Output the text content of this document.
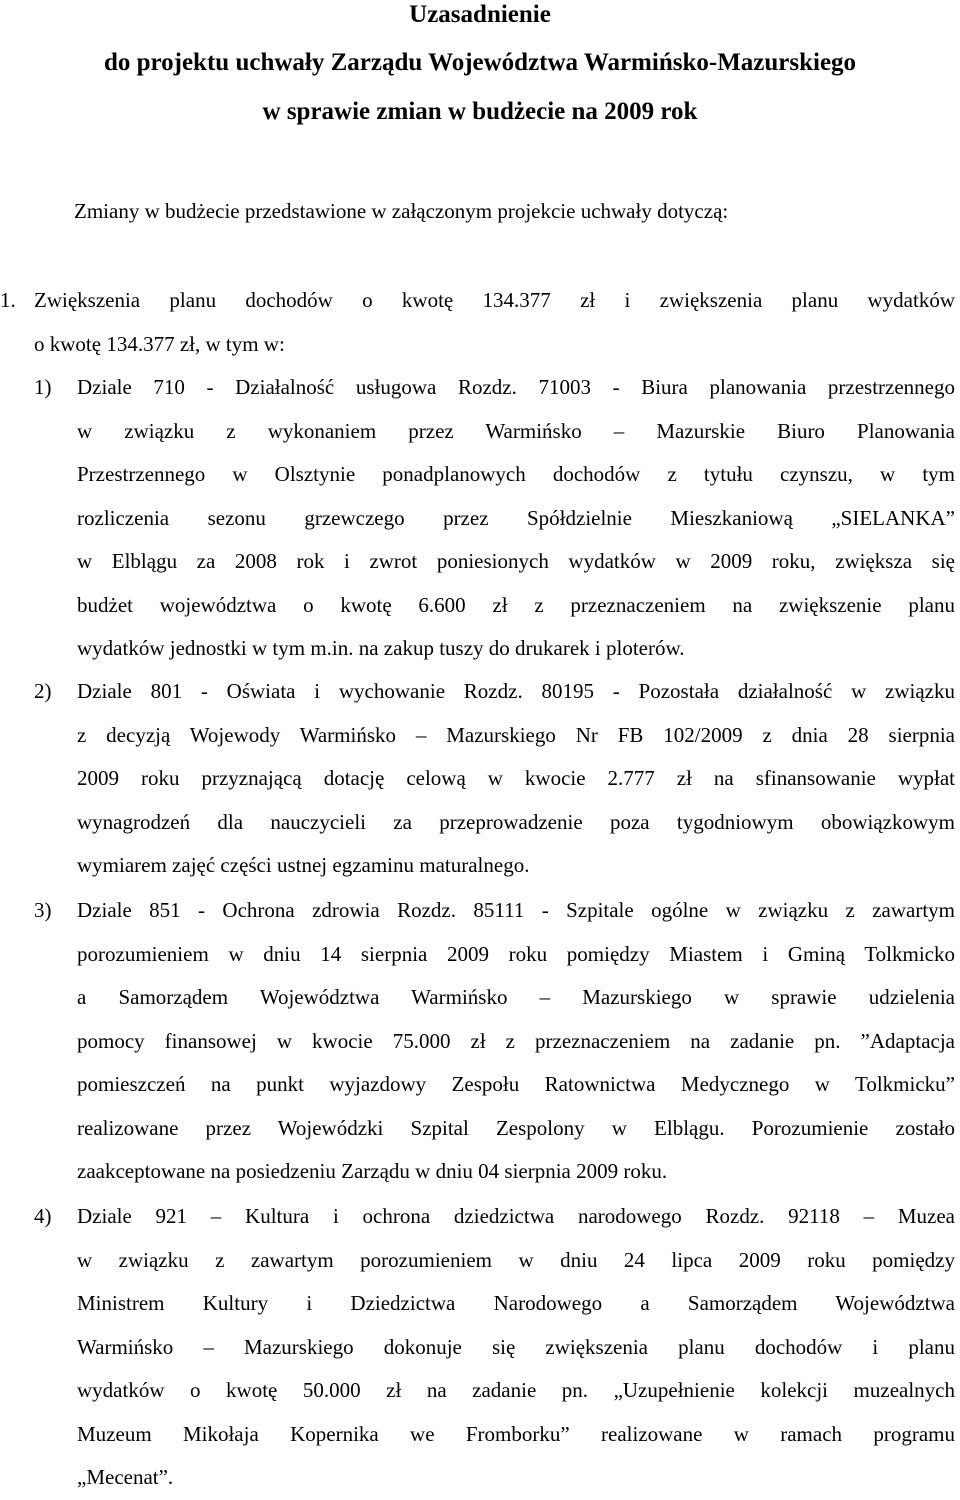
Uzasadnienie
do projektu uchwały Zarządu Województwa Warmińsko-Mazurskiego
w sprawie zmian w budżecie na 2009 rok
Zmiany w budżecie przedstawione w załączonym projekcie uchwały dotyczą:
1. Zwiększenia planu dochodów o kwotę 134.377 zł i zwiększenia planu wydatków
o kwotę 134.377 zł, w tym w:
1) Dziale 710 - Działalność usługowa Rozdz. 71003 - Biura planowania przestrzennego
w związku z wykonaniem przez Warmińsko – Mazurskie Biuro Planowania
Przestrzennego w Olsztynie ponadplanowych dochodów z tytułu czynszu, w tym
rozliczenia sezonu grzewczego przez Spółdzielnie Mieszkaniową „SIELANKA”
w Elblągu za 2008 rok i zwrot poniesionych wydatków w 2009 roku, zwiększa się
budżet województwa o kwotę 6.600 zł z przeznaczeniem na zwiększenie planu
wydatków jednostki w tym m.in. na zakup tuszy do drukarek i ploterów.
2) Dziale 801 - Oświata i wychowanie Rozdz. 80195 - Pozostała działalność w związku
z decyzją Wojewody Warmińsko – Mazurskiego Nr FB 102/2009 z dnia 28 sierpnia
2009 roku przyznającą dotację celową w kwocie 2.777 zł na sfinansowanie wypłat
wynagrodzeń dla nauczycieli za przeprowadzenie poza tygodniowym obowiązkowym
wymiarem zajęć części ustnej egzaminu maturalnego.
3) Dziale 851 - Ochrona zdrowia Rozdz. 85111 - Szpitale ogólne w związku z zawartym
porozumieniem w dniu 14 sierpnia 2009 roku pomiędzy Miastem i Gminą Tolkmicko
a Samorządem Województwa Warmińsko – Mazurskiego w sprawie udzielenia
pomocy finansowej w kwocie 75.000 zł z przeznaczeniem na zadanie pn. ”Adaptacja
pomieszczeń na punkt wyjazdowy Zespołu Ratownictwa Medycznego w Tolkmicku”
realizowane przez Wojewódzki Szpital Zespolony w Elblągu. Porozumienie zostało
zaakceptowane na posiedzeniu Zarządu w dniu 04 sierpnia 2009 roku.
4) Dziale 921 – Kultura i ochrona dziedzictwa narodowego Rozdz. 92118 – Muzea
w związku z zawartym porozumieniem w dniu 24 lipca 2009 roku pomiędzy
Ministrem Kultury i Dziedzictwa Narodowego a Samorządem Województwa
Warmińsko – Mazurskiego dokonuje się zwiększenia planu dochodów i planu
wydatków o kwotę 50.000 zł na zadanie pn. „Uzupełnienie kolekcji muzealnych
Muzeum Mikołaja Kopernika we Fromborku” realizowane w ramach programu
„Mecenat”.
